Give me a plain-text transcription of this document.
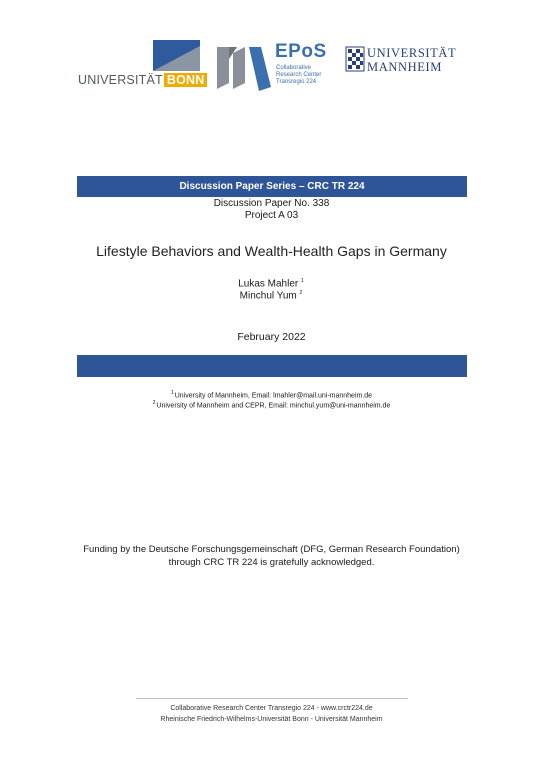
UNIVERSITÄT BONN
EPoS
Collaborative
Research Center
Transregio 224
UNIVERSITÄT
MANNHEIM
Discussion Paper Series – CRC TR 224
Discussion Paper No. 338
Project A 03
Lifestyle Behaviors and Wealth-Health Gaps in Germany
Lukas Mahler $^1$
Minchul Yum $^2$
February 2022
$^1$University of Mannheim, Email: lmahler@mail.uni-mannheim.de
$^2$University of Mannheim and CEPR, Email: minchul.yum@uni-mannheim.de
Funding by the Deutsche Forschungsgemeinschaft (DFG, German Research Foundation)
through CRC TR 224 is gratefully acknowledged.
Collaborative Research Center Transregio 224 - www.crctr224.de
Rheinische Friedrich-Wilhelms-Universität Bonn - Universität Mannheim
